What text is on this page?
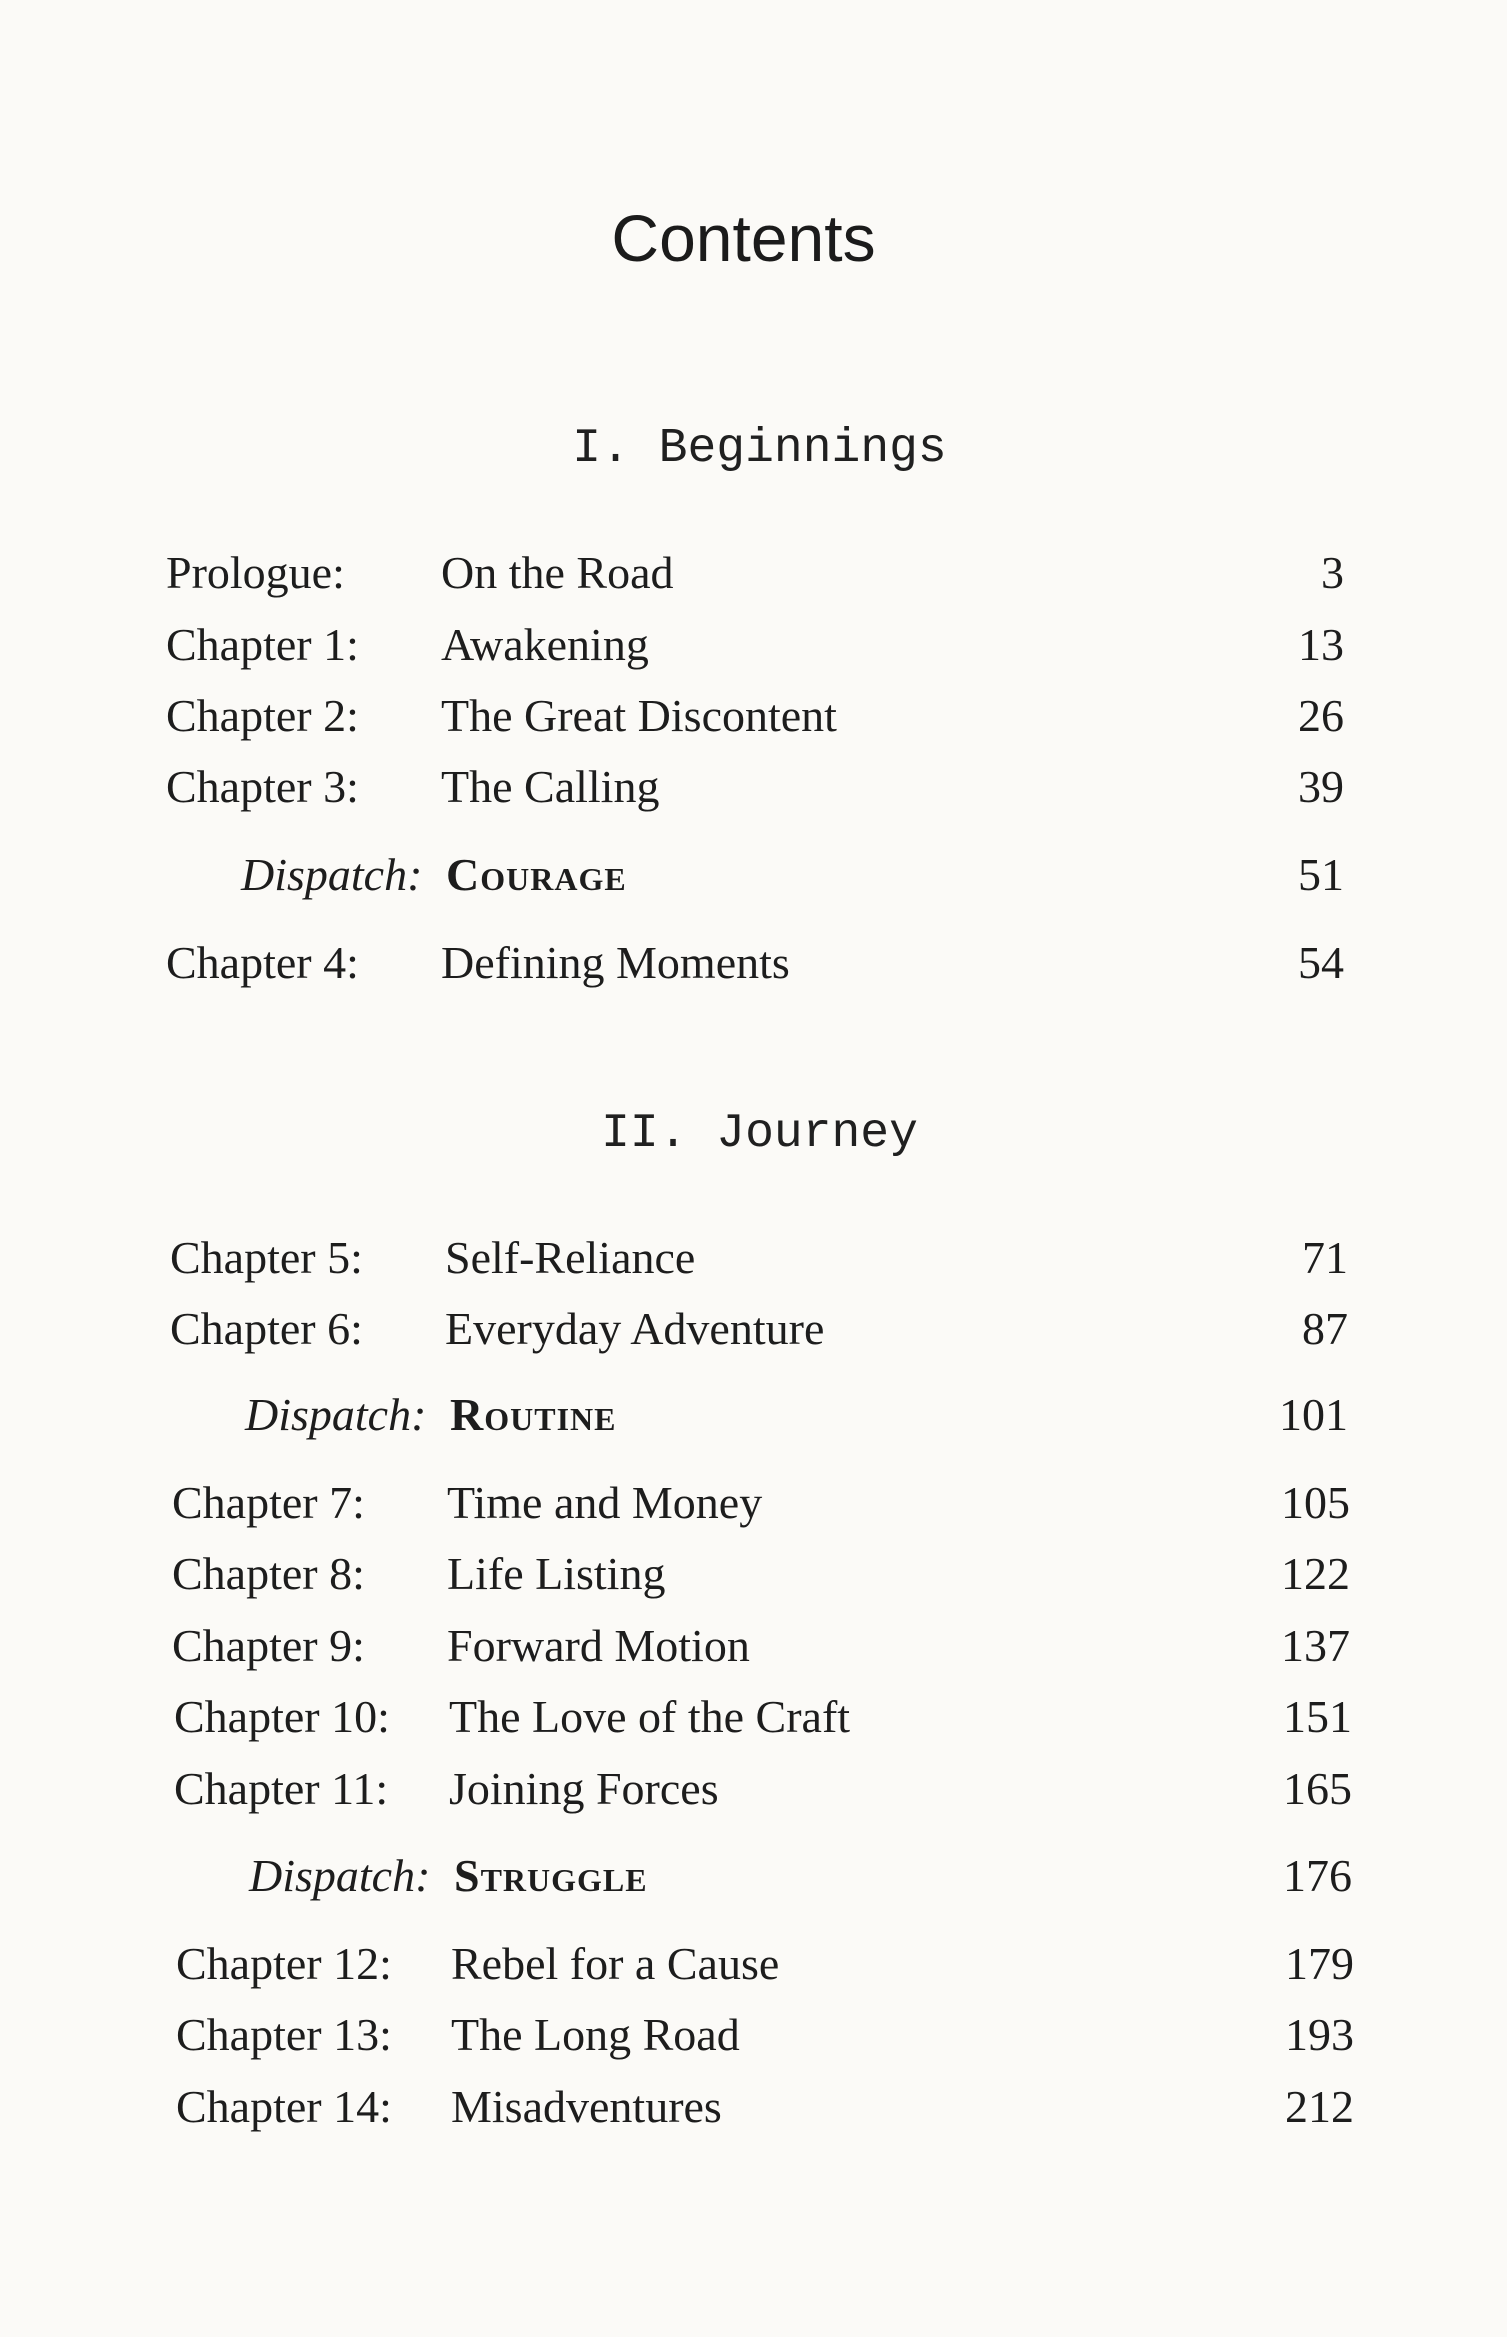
Contents
I. Beginnings
Prologue: On the Road	3
Chapter 1: Awakening	13
Chapter 2: The Great Discontent	26
Chapter 3: The Calling	39
Dispatch: Courage	51
Chapter 4: Defining Moments	54
II. Journey
Chapter 5: Self-Reliance	71
Chapter 6: Everyday Adventure	87
Dispatch: Routine	101
Chapter 7: Time and Money	105
Chapter 8: Life Listing	122
Chapter 9: Forward Motion	137
Chapter 10: The Love of the Craft	151
Chapter 11: Joining Forces	165
Dispatch: Struggle	176
Chapter 12: Rebel for a Cause	179
Chapter 13: The Long Road	193
Chapter 14: Misadventures	212
